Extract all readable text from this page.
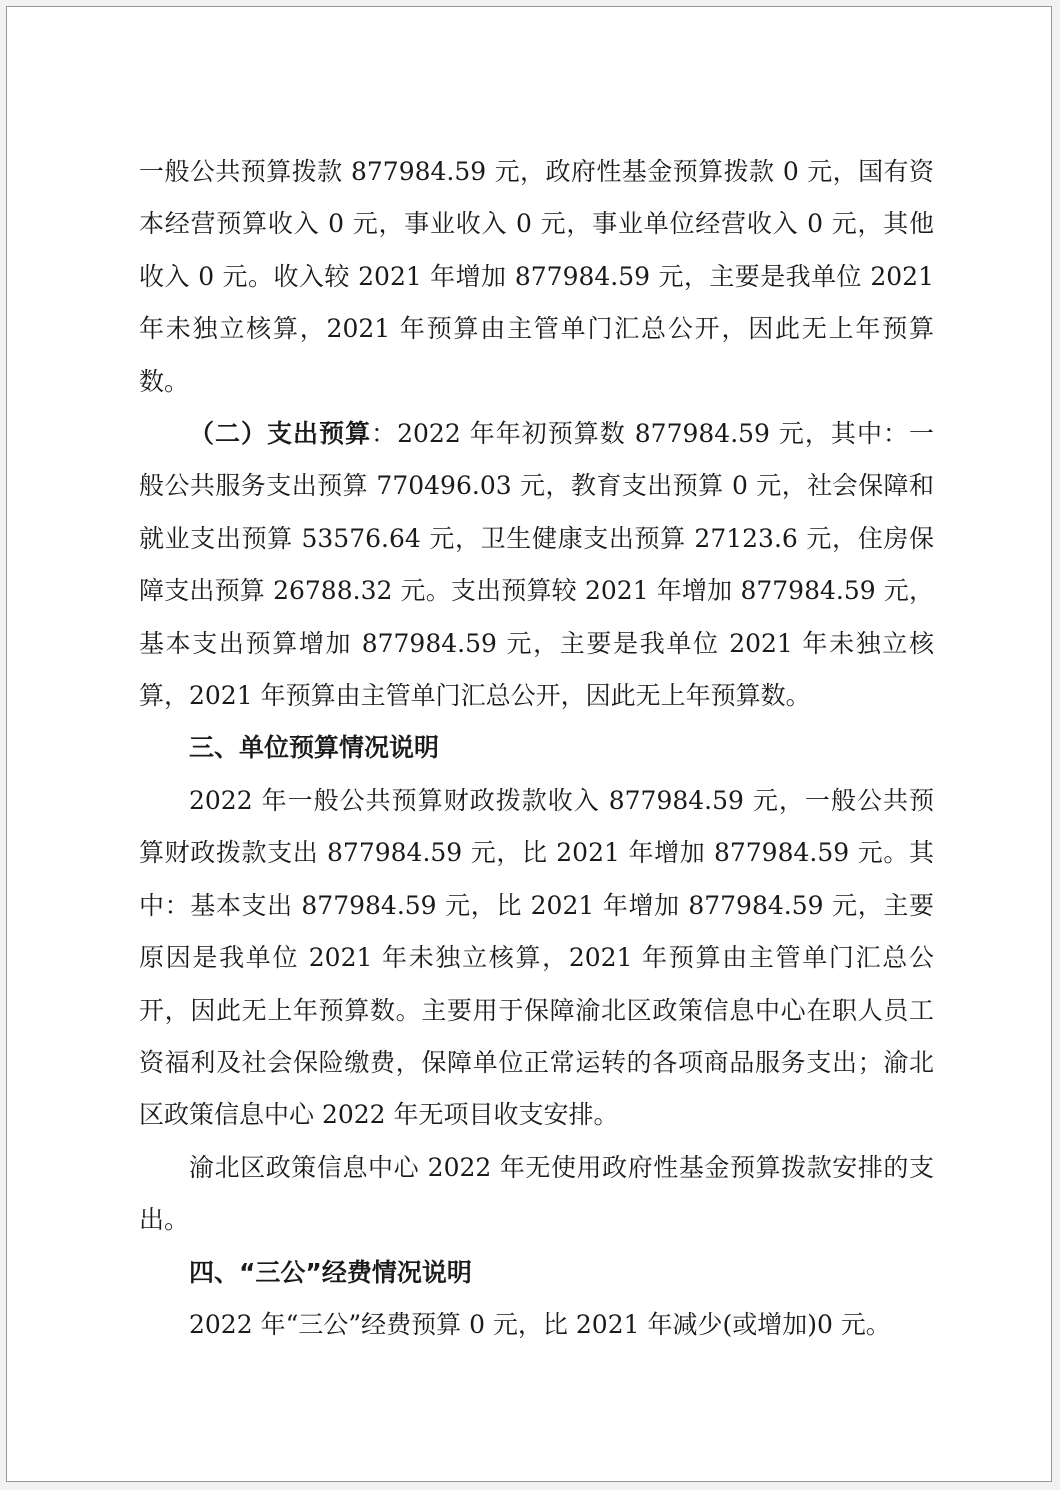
一般公共预算拨款 877984.59 元，政府性基金预算拨款 0 元，国有资本经营预算收入 0 元，事业收入 0 元，事业单位经营收入 0 元，其他收入 0 元。收入较 2021 年增加 877984.59 元，主要是我单位 2021 年未独立核算，2021 年预算由主管单门汇总公开，因此无上年预算数。

（二）支出预算：2022 年年初预算数 877984.59 元，其中：一般公共服务支出预算 770496.03 元，教育支出预算 0 元，社会保障和就业支出预算 53576.64 元，卫生健康支出预算 27123.6 元，住房保障支出预算 26788.32 元。支出预算较 2021 年增加 877984.59 元，基本支出预算增加 877984.59 元，主要是我单位 2021 年未独立核算，2021 年预算由主管单门汇总公开，因此无上年预算数。

三、单位预算情况说明

2022 年一般公共预算财政拨款收入 877984.59 元，一般公共预算财政拨款支出 877984.59 元，比 2021 年增加 877984.59 元。其中：基本支出 877984.59 元，比 2021 年增加 877984.59 元，主要原因是我单位 2021 年未独立核算，2021 年预算由主管单门汇总公开，因此无上年预算数。主要用于保障渝北区政策信息中心在职人员工资福利及社会保险缴费，保障单位正常运转的各项商品服务支出；渝北区政策信息中心 2022 年无项目收支安排。

渝北区政策信息中心 2022 年无使用政府性基金预算拨款安排的支出。

四、“三公”经费情况说明

2022 年“三公”经费预算 0 元，比 2021 年减少(或增加)0 元。
